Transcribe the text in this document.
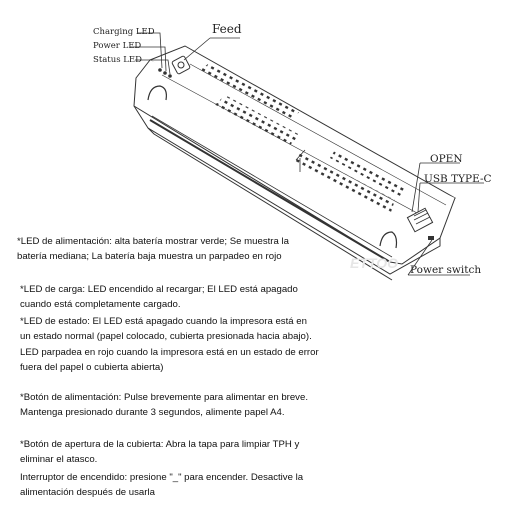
Charging LED
Power LED
Status LED
Feed
OPEN
USB TYPE-C
Power switch
ETTOO

*LED de alimentación: alta batería mostrar verde; Se muestra la batería mediana; La batería baja muestra un parpadeo en rojo

*LED de carga: LED encendido al recargar; El LED está apagado cuando está completamente cargado.

*LED de estado: El LED está apagado cuando la impresora está en un estado normal (papel colocado, cubierta presionada hacia abajo). LED parpadea en rojo cuando la impresora está en un estado de error fuera del papel o cubierta abierta)

*Botón de alimentación: Pulse brevemente para alimentar en breve. Mantenga presionado durante 3 segundos, alimente papel A4.

*Botón de apertura de la cubierta: Abra la tapa para limpiar TPH y eliminar el atasco.

Interruptor de encendido: presione "_" para encender. Desactive la alimentación después de usarla
